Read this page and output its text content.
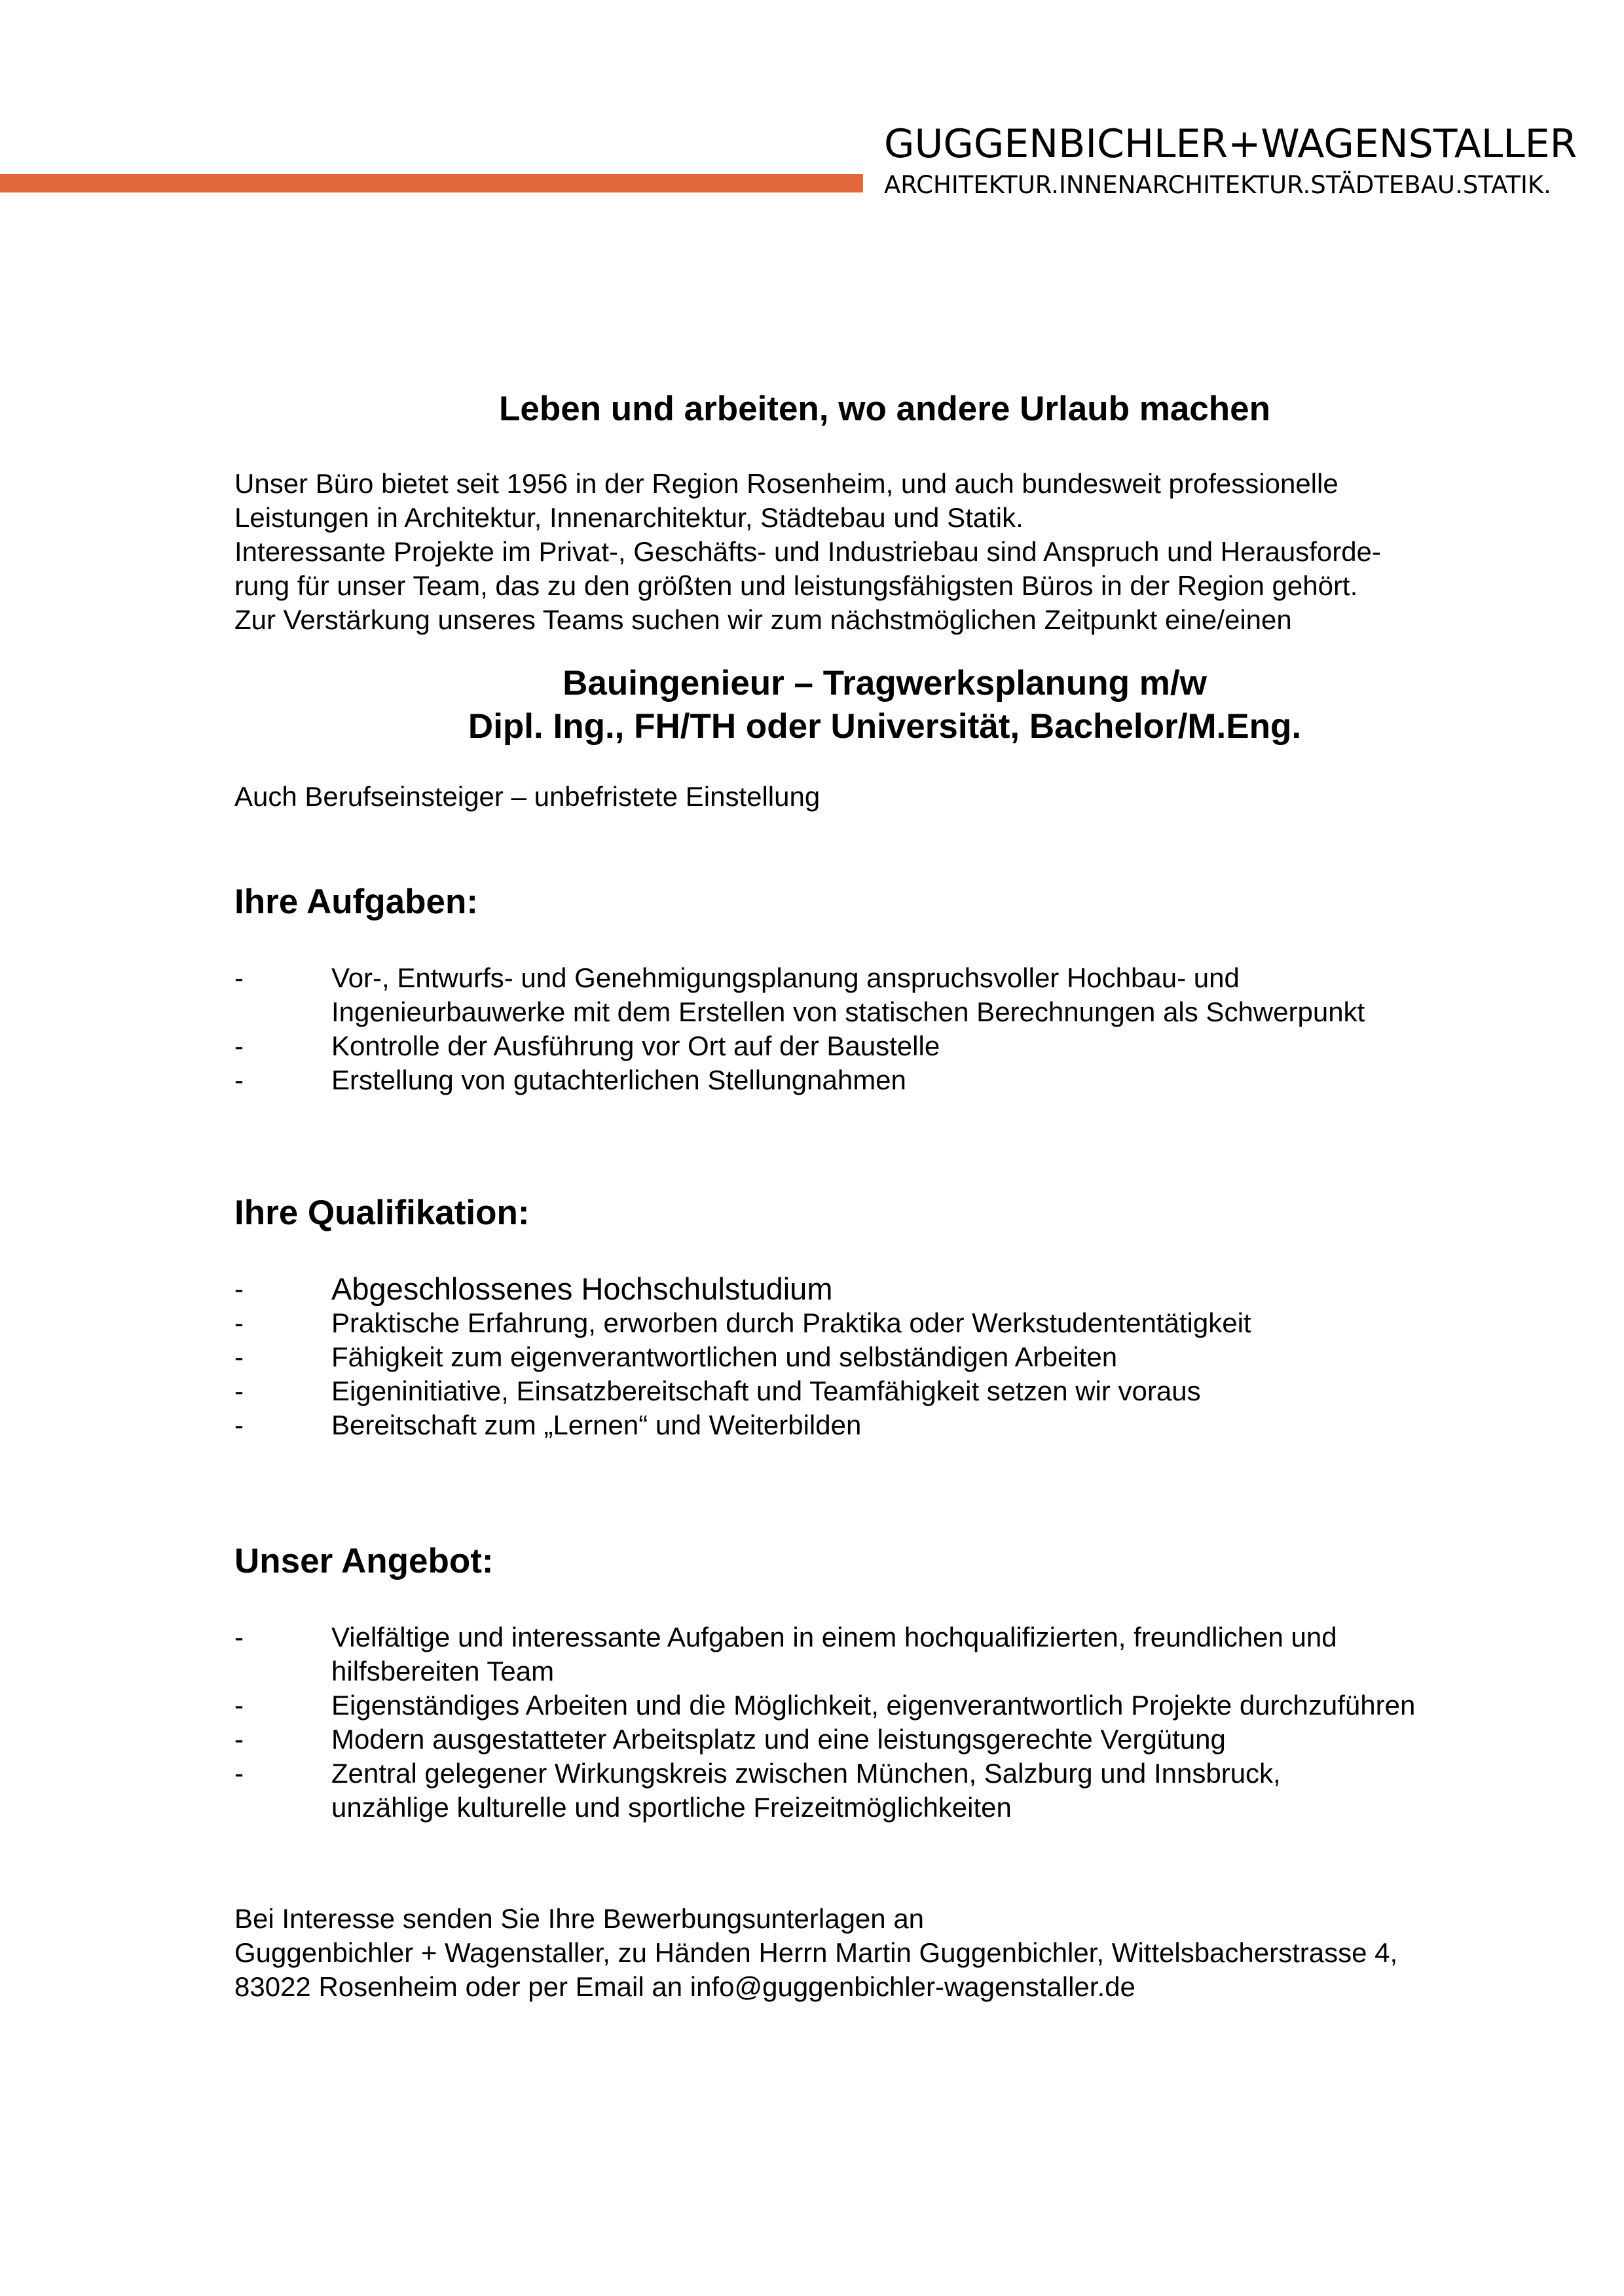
GUGGENBICHLER+WAGENSTALLER
ARCHITEKTUR.INNENARCHITEKTUR.STÄDTEBAU.STATIK.
Leben und arbeiten, wo andere Urlaub machen
Unser Büro bietet seit 1956 in der Region Rosenheim, und auch bundesweit professionelle
Leistungen in Architektur, Innenarchitektur, Städtebau und Statik.
Interessante Projekte im Privat-, Geschäfts- und Industriebau sind Anspruch und Herausforde-
rung für unser Team, das zu den größten und leistungsfähigsten Büros in der Region gehört.
Zur Verstärkung unseres Teams suchen wir zum nächstmöglichen Zeitpunkt eine/einen
Bauingenieur – Tragwerksplanung m/w
Dipl. Ing., FH/TH oder Universität, Bachelor/M.Eng.
Auch Berufseinsteiger – unbefristete Einstellung
Ihre Aufgaben:
-	Vor-, Entwurfs- und Genehmigungsplanung anspruchsvoller Hochbau- und
Ingenieurbauwerke mit dem Erstellen von statischen Berechnungen als Schwerpunkt
-	Kontrolle der Ausführung vor Ort auf der Baustelle
-	Erstellung von gutachterlichen Stellungnahmen
Ihre Qualifikation:
-	Abgeschlossenes Hochschulstudium
-	Praktische Erfahrung, erworben durch Praktika oder Werkstudententätigkeit
-	Fähigkeit zum eigenverantwortlichen und selbständigen Arbeiten
-	Eigeninitiative, Einsatzbereitschaft und Teamfähigkeit setzen wir voraus
-	Bereitschaft zum „Lernen“ und Weiterbilden
Unser Angebot:
-	Vielfältige und interessante Aufgaben in einem hochqualifizierten, freundlichen und
hilfsbereiten Team
-	Eigenständiges Arbeiten und die Möglichkeit, eigenverantwortlich Projekte durchzuführen
-	Modern ausgestatteter Arbeitsplatz und eine leistungsgerechte Vergütung
-	Zentral gelegener Wirkungskreis zwischen München, Salzburg und Innsbruck,
unzählige kulturelle und sportliche Freizeitmöglichkeiten
Bei Interesse senden Sie Ihre Bewerbungsunterlagen an
Guggenbichler + Wagenstaller, zu Händen Herrn Martin Guggenbichler, Wittelsbacherstrasse 4,
83022 Rosenheim oder per Email an info@guggenbichler-wagenstaller.de
